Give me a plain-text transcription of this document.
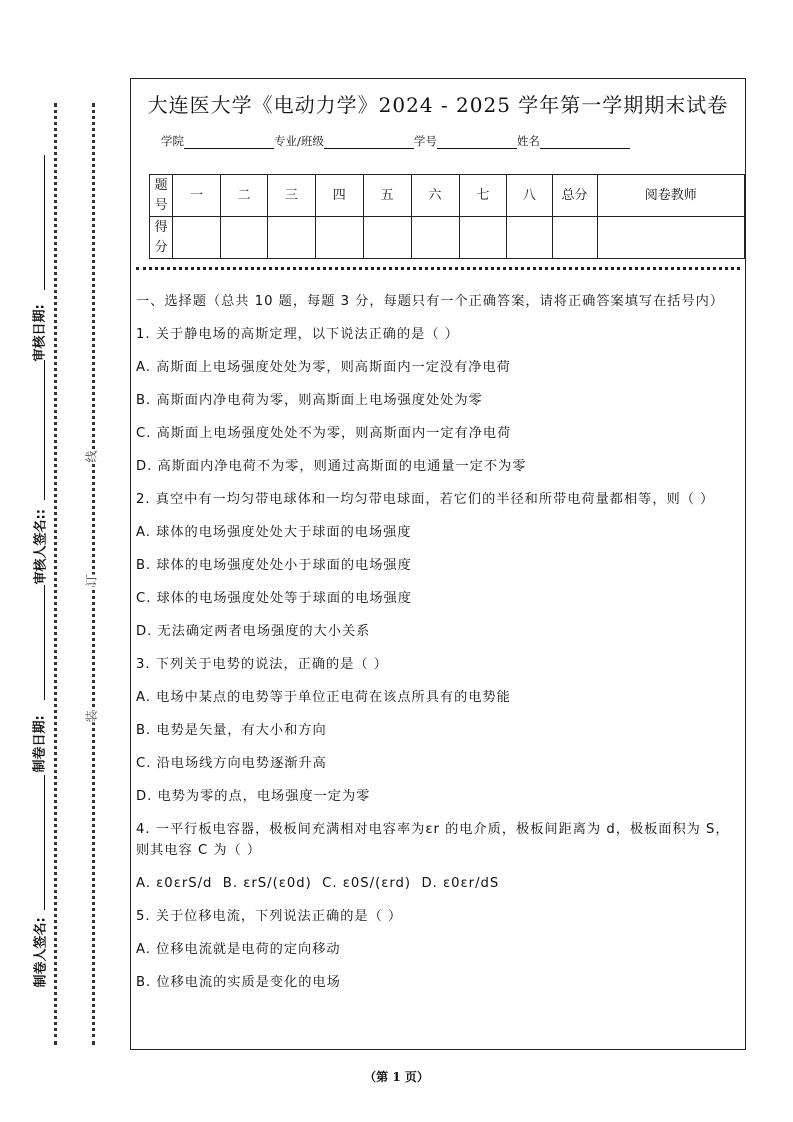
审核日期:
审核人签名::
制卷日期:
制卷人签名:
线
订
装
大连医大学《电动力学》2024 - 2025 学年第一学期期末试卷
学院	专业/班级	学号	姓名
题号	一	二	三	四	五	六	七	八	总分	阅卷教师
得分										

一、选择题（总共 10 题，每题 3 分，每题只有一个正确答案，请将正确答案填写在括号内）

1. 关于静电场的高斯定理，以下说法正确的是（ ）

A. 高斯面上电场强度处处为零，则高斯面内一定没有净电荷

B. 高斯面内净电荷为零，则高斯面上电场强度处处为零

C. 高斯面上电场强度处处不为零，则高斯面内一定有净电荷

D. 高斯面内净电荷不为零，则通过高斯面的电通量一定不为零

2. 真空中有一均匀带电球体和一均匀带电球面，若它们的半径和所带电荷量都相等，则（ ）

A. 球体的电场强度处处大于球面的电场强度

B. 球体的电场强度处处小于球面的电场强度

C. 球体的电场强度处处等于球面的电场强度

D. 无法确定两者电场强度的大小关系

3. 下列关于电势的说法，正确的是（ ）

A. 电场中某点的电势等于单位正电荷在该点所具有的电势能

B. 电势是矢量，有大小和方向

C. 沿电场线方向电势逐渐升高

D. 电势为零的点，电场强度一定为零

4. 一平行板电容器，极板间充满相对电容率为εr 的电介质，极板间距离为 d，极板面积为 S，则其电容 C 为（ ）

A. ε0εrS/d  B. εrS/(ε0d)  C. ε0S/(εrd)  D. ε0εr/dS

5. 关于位移电流，下列说法正确的是（ ）

A. 位移电流就是电荷的定向移动

B. 位移电流的实质是变化的电场

（第 1 页）
